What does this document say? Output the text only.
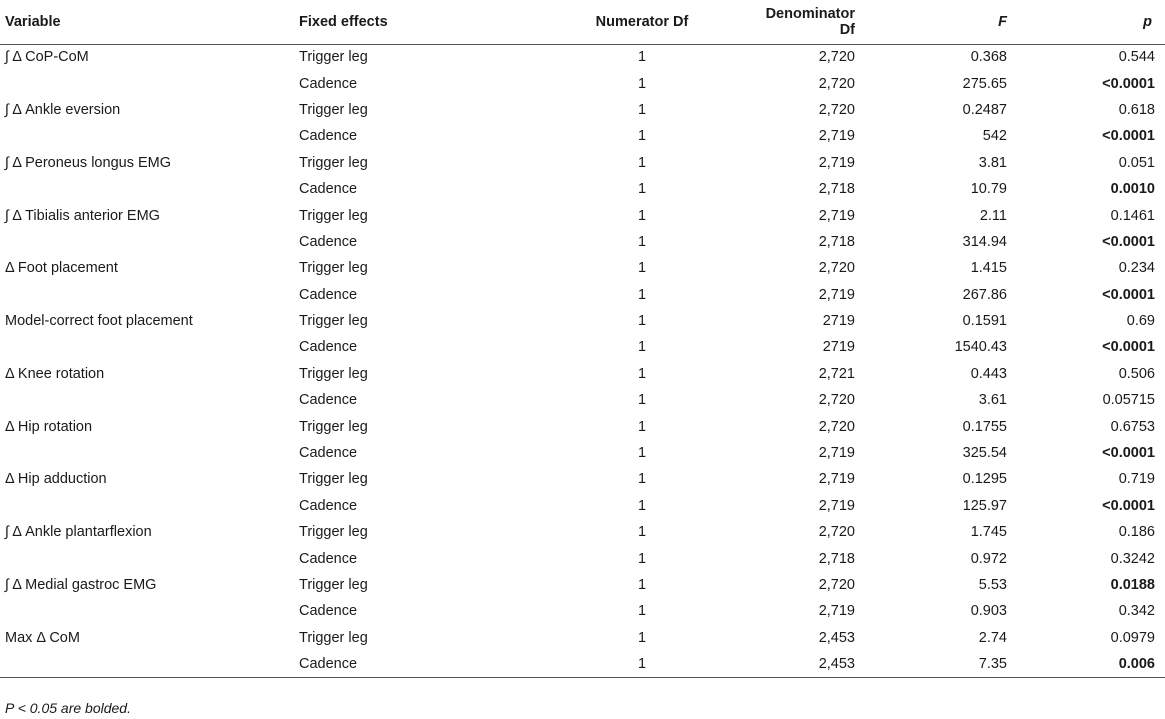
Variable	Fixed effects	Numerator Df	Denominator Df	F	p
∫ Δ CoP-CoM	Trigger leg	1	2,720	0.368	0.544
	Cadence	1	2,720	275.65	<0.0001
∫ Δ Ankle eversion	Trigger leg	1	2,720	0.2487	0.618
	Cadence	1	2,719	542	<0.0001
∫ Δ Peroneus longus EMG	Trigger leg	1	2,719	3.81	0.051
	Cadence	1	2,718	10.79	0.0010
∫ Δ Tibialis anterior EMG	Trigger leg	1	2,719	2.11	0.1461
	Cadence	1	2,718	314.94	<0.0001
Δ Foot placement	Trigger leg	1	2,720	1.415	0.234
	Cadence	1	2,719	267.86	<0.0001
Model-correct foot placement	Trigger leg	1	2719	0.1591	0.69
	Cadence	1	2719	1540.43	<0.0001
Δ Knee rotation	Trigger leg	1	2,721	0.443	0.506
	Cadence	1	2,720	3.61	0.05715
Δ Hip rotation	Trigger leg	1	2,720	0.1755	0.6753
	Cadence	1	2,719	325.54	<0.0001
Δ Hip adduction	Trigger leg	1	2,719	0.1295	0.719
	Cadence	1	2,719	125.97	<0.0001
∫ Δ Ankle plantarflexion	Trigger leg	1	2,720	1.745	0.186
	Cadence	1	2,718	0.972	0.3242
∫ Δ Medial gastroc EMG	Trigger leg	1	2,720	5.53	0.0188
	Cadence	1	2,719	0.903	0.342
Max Δ CoM	Trigger leg	1	2,453	2.74	0.0979
	Cadence	1	2,453	7.35	0.006
P < 0.05 are bolded.
